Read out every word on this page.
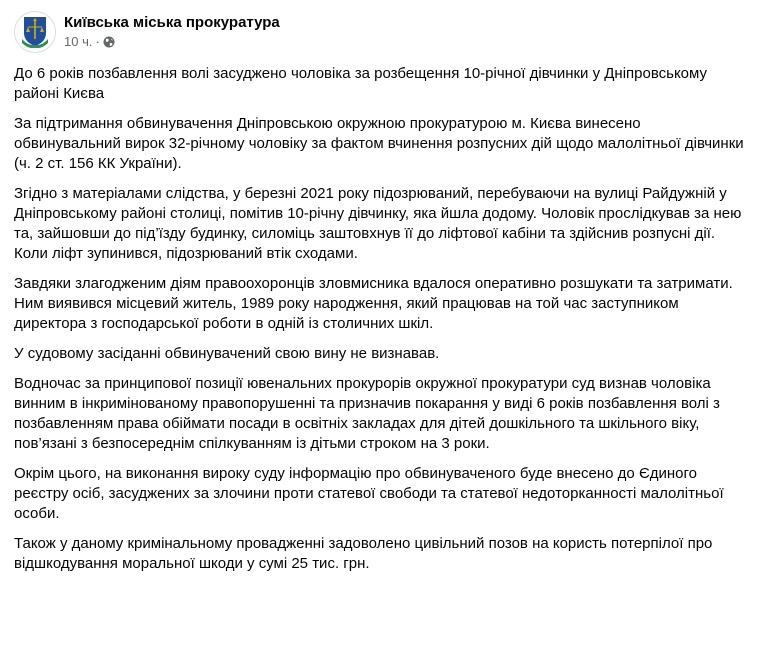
Київська міська прокуратура
10 ч. ·

До 6 років позбавлення волі засуджено чоловіка за розбещення 10-річної дівчинки у Дніпровському районі Києва

За підтримання обвинувачення Дніпровською окружною прокуратурою м. Києва винесено обвинувальний вирок 32-річному чоловіку за фактом вчинення розпусних дій щодо малолітньої дівчинки (ч. 2 ст. 156 КК України).

Згідно з матеріалами слідства, у березні 2021 року підозрюваний, перебуваючи на вулиці Райдужній у Дніпровському районі столиці, помітив 10-річну дівчинку, яка йшла додому. Чоловік прослідкував за нею та, зайшовши до під’їзду будинку, силоміць заштовхнув її до ліфтової кабіни та здійснив розпусні дії. Коли ліфт зупинився, підозрюваний втік сходами.

Завдяки злагодженим діям правоохоронців зловмисника вдалося оперативно розшукати та затримати. Ним виявився місцевий житель, 1989 року народження, який працював на той час заступником директора з господарської роботи в одній із столичних шкіл.

У судовому засіданні обвинувачений свою вину не визнавав.

Водночас за принципової позиції ювенальних прокурорів окружної прокуратури суд визнав чоловіка винним в інкримінованому правопорушенні та призначив покарання у виді 6 років позбавлення волі з позбавленням права обіймати посади в освітніх закладах для дітей дошкільного та шкільного віку, пов’язані з безпосереднім спілкуванням із дітьми строком на 3 роки.

Окрім цього, на виконання вироку суду інформацію про обвинуваченого буде внесено до Єдиного реєстру осіб, засуджених за злочини проти статевої свободи та статевої недоторканності малолітньої особи.

Також у даному кримінальному провадженні задоволено цивільний позов на користь потерпілої про відшкодування моральної шкоди у сумі 25 тис. грн.
